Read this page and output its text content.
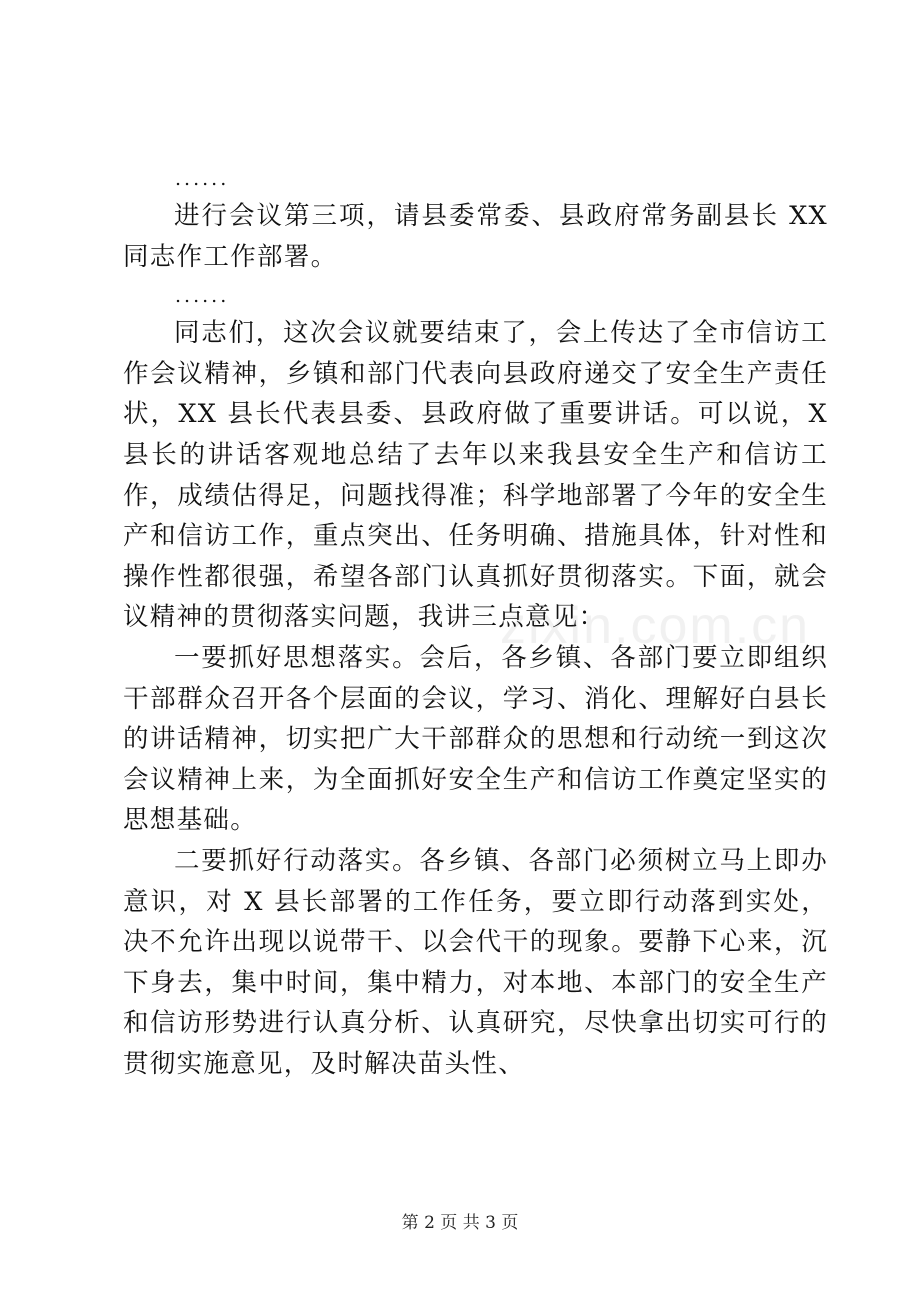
......

进行会议第三项，请县委常委、县政府常务副县长 XX 同志作工作部署。

......

同志们，这次会议就要结束了，会上传达了全市信访工作会议精神，乡镇和部门代表向县政府递交了安全生产责任状，XX 县长代表县委、县政府做了重要讲话。可以说，X 县长的讲话客观地总结了去年以来我县安全生产和信访工作，成绩估得足，问题找得准；科学地部署了今年的安全生产和信访工作，重点突出、任务明确、措施具体，针对性和操作性都很强，希望各部门认真抓好贯彻落实。下面，就会议精神的贯彻落实问题，我讲三点意见：

一要抓好思想落实。会后，各乡镇、各部门要立即组织干部群众召开各个层面的会议，学习、消化、理解好白县长的讲话精神，切实把广大干部群众的思想和行动统一到这次会议精神上来，为全面抓好安全生产和信访工作奠定坚实的思想基础。

二要抓好行动落实。各乡镇、各部门必须树立马上即办意识，对 X 县长部署的工作任务，要立即行动落到实处，决不允许出现以说带干、以会代干的现象。要静下心来，沉下身去，集中时间，集中精力，对本地、本部门的安全生产和信访形势进行认真分析、认真研究，尽快拿出切实可行的贯彻实施意见，及时解决苗头性、

zixin.com.cn
第 2 页 共 3 页
